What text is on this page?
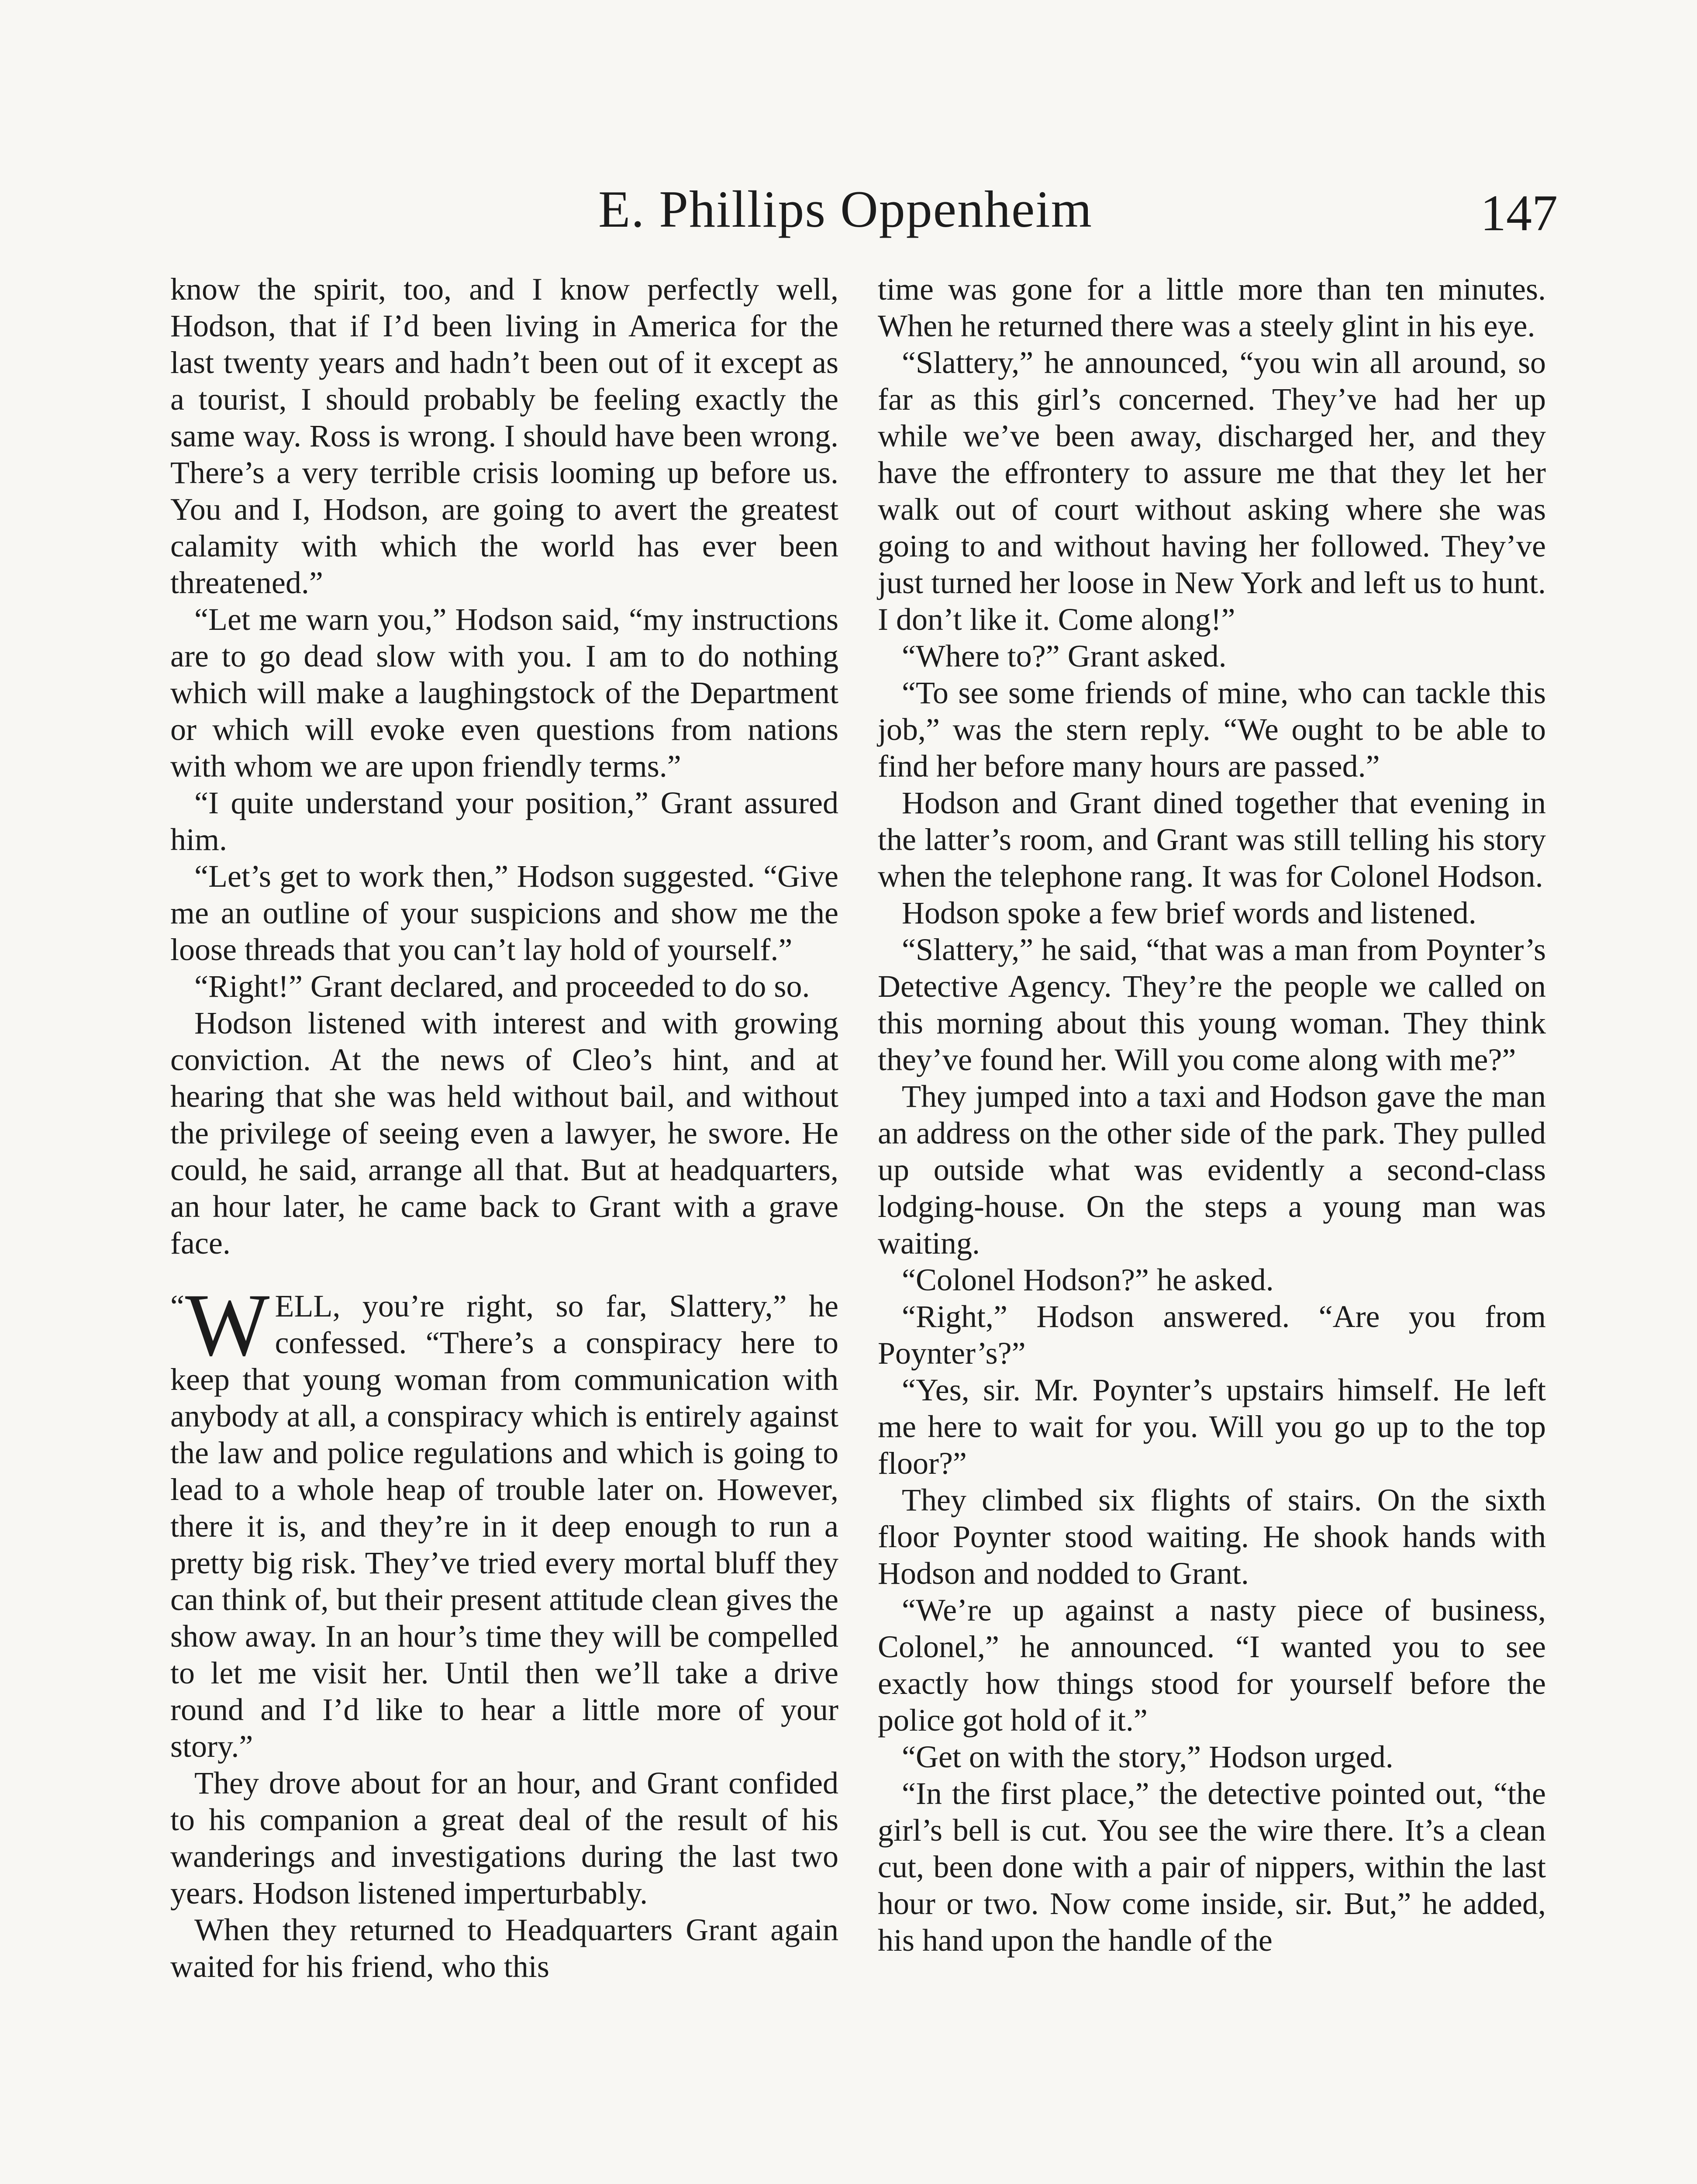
E. Phillips Oppenheim	147

know the spirit, too, and I know perfectly well, Hodson, that if I’d been living in America for the last twenty years and hadn’t been out of it except as a tourist, I should probably be feeling exactly the same way. Ross is wrong. I should have been wrong. There’s a very terrible crisis looming up before us. You and I, Hodson, are going to avert the greatest calamity with which the world has ever been threatened.”

“Let me warn you,” Hodson said, “my instructions are to go dead slow with you. I am to do nothing which will make a laughingstock of the Department or which will evoke even questions from nations with whom we are upon friendly terms.”

“I quite understand your position,” Grant assured him.

“Let’s get to work then,” Hodson suggested. “Give me an outline of your suspicions and show me the loose threads that you can’t lay hold of yourself.”

“Right!” Grant declared, and proceeded to do so.

Hodson listened with interest and with growing conviction. At the news of Cleo’s hint, and at hearing that she was held without bail, and without the privilege of seeing even a lawyer, he swore. He could, he said, arrange all that. But at headquarters, an hour later, he came back to Grant with a grave face.

“ W ELL, you’re right, so far, Slattery,” he confessed. “There’s a conspiracy here to keep that young woman from communication with anybody at all, a conspiracy which is entirely against the law and police regulations and which is going to lead to a whole heap of trouble later on. However, there it is, and they’re in it deep enough to run a pretty big risk. They’ve tried every mortal bluff they can think of, but their present attitude clean gives the show away. In an hour’s time they will be compelled to let me visit her. Until then we’ll take a drive round and I’d like to hear a little more of your story.”

They drove about for an hour, and Grant confided to his companion a great deal of the result of his wanderings and investigations during the last two years. Hodson listened imperturbably.

When they returned to Headquarters Grant again waited for his friend, who this

time was gone for a little more than ten minutes. When he returned there was a steely glint in his eye.

“Slattery,” he announced, “you win all around, so far as this girl’s concerned. They’ve had her up while we’ve been away, discharged her, and they have the effrontery to assure me that they let her walk out of court without asking where she was going to and without having her followed. They’ve just turned her loose in New York and left us to hunt. I don’t like it. Come along!”

“Where to?” Grant asked.

“To see some friends of mine, who can tackle this job,” was the stern reply. “We ought to be able to find her before many hours are passed.”

Hodson and Grant dined together that evening in the latter’s room, and Grant was still telling his story when the telephone rang. It was for Colonel Hodson.

Hodson spoke a few brief words and listened.

“Slattery,” he said, “that was a man from Poynter’s Detective Agency. They’re the people we called on this morning about this young woman. They think they’ve found her. Will you come along with me?”

They jumped into a taxi and Hodson gave the man an address on the other side of the park. They pulled up outside what was evidently a second-class lodging-house. On the steps a young man was waiting.

“Colonel Hodson?” he asked.

“Right,” Hodson answered. “Are you from Poynter’s?”

“Yes, sir. Mr. Poynter’s upstairs himself. He left me here to wait for you. Will you go up to the top floor?”

They climbed six flights of stairs. On the sixth floor Poynter stood waiting. He shook hands with Hodson and nodded to Grant.

“We’re up against a nasty piece of business, Colonel,” he announced. “I wanted you to see exactly how things stood for yourself before the police got hold of it.”

“Get on with the story,” Hodson urged.

“In the first place,” the detective pointed out, “the girl’s bell is cut. You see the wire there. It’s a clean cut, been done with a pair of nippers, within the last hour or two. Now come inside, sir. But,” he added, his hand upon the handle of the
